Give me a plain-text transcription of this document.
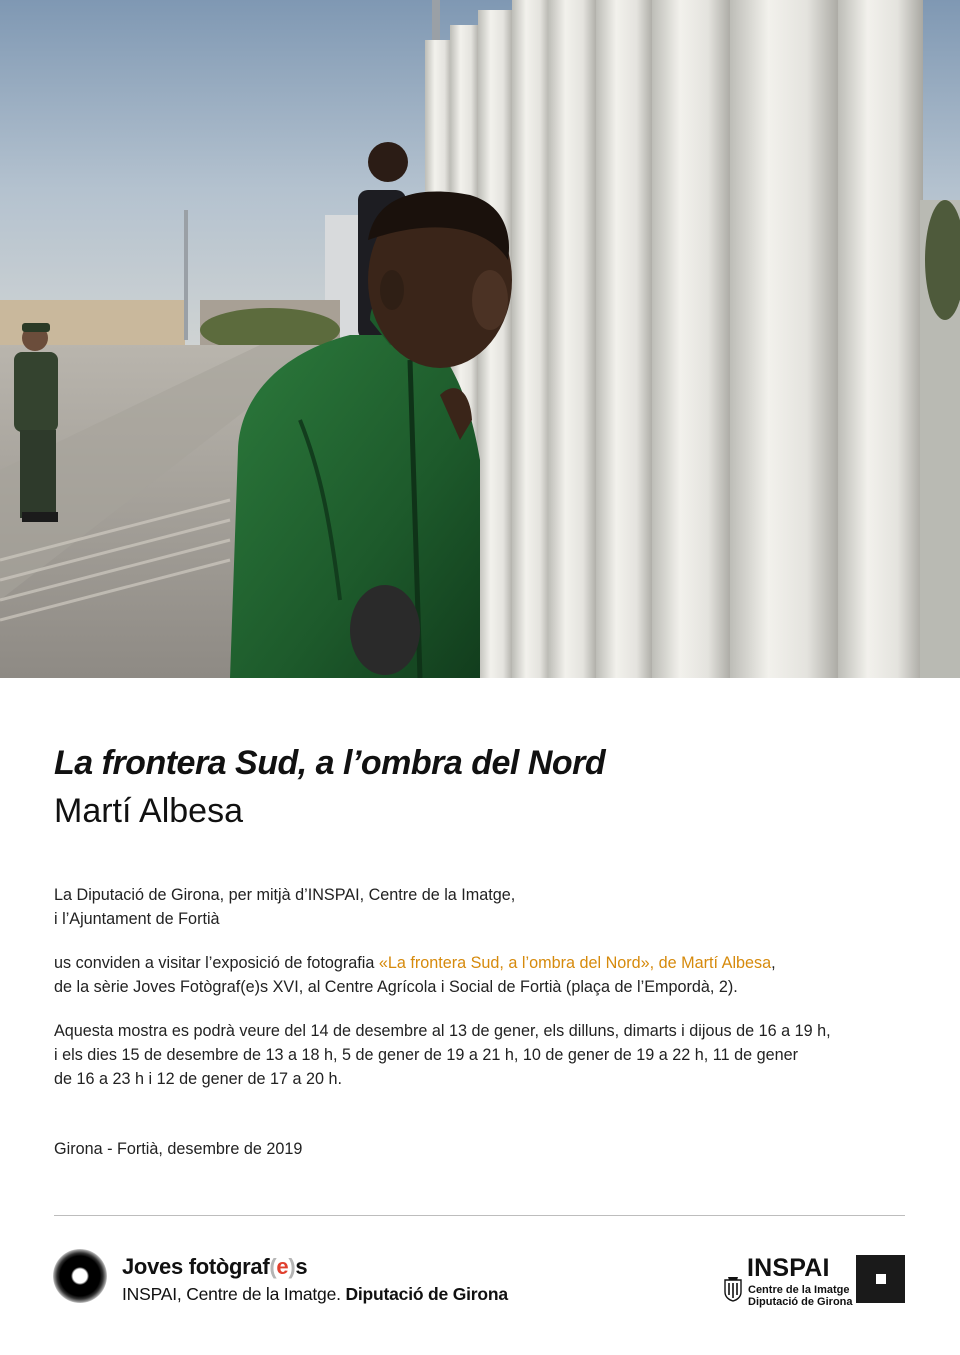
La frontera Sud, a l’ombra del Nord
Martí Albesa

La Diputació de Girona, per mitjà d’INSPAI, Centre de la Imatge,
i l’Ajuntament de Fortià

us conviden a visitar l’exposició de fotografia «La frontera Sud, a l’ombra del Nord», de Martí Albesa,
de la sèrie Joves Fotògraf(e)s XVI, al Centre Agrícola i Social de Fortià (plaça de l’Empordà, 2).

Aquesta mostra es podrà veure del 14 de desembre al 13 de gener, els dilluns, dimarts i dijous de 16 a 19 h,
i els dies 15 de desembre de 13 a 18 h, 5 de gener de 19 a 21 h, 10 de gener de 19 a 22 h, 11 de gener
de 16 a 23 h i 12 de gener de 17 a 20 h.

Girona - Fortià, desembre de 2019

Joves fotògraf(e)s
INSPAI, Centre de la Imatge. Diputació de Girona
INSPAI
Centre de la Imatge
Diputació de Girona
